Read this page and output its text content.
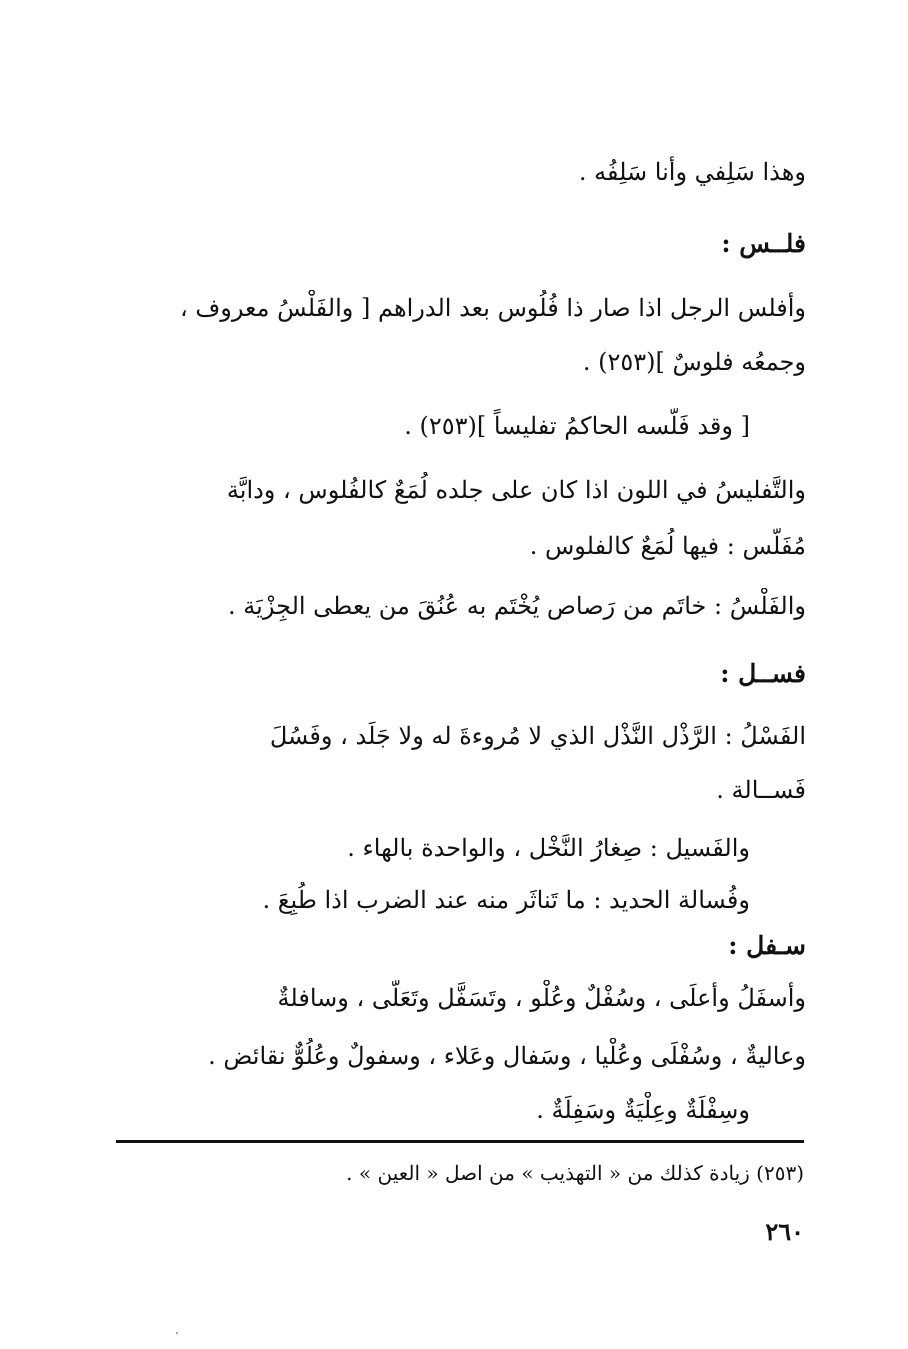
وهذا سَلِفي وأنا سَلِفُه .
فلــس :
وأفلس الرجل اذا صار ذا فُلُوس بعد الدراهم [ والفَلْسُ معروف ،
وجمعُه فلوسٌ ](٢٥٣) .
[ وقد فَلَّسه الحاكمُ تفليساً ](٢٥٣) .
والتَّفليسُ في اللون اذا كان على جلده لُمَعٌ كالفُلوس ، ودابَّة
مُفَلَّس : فيها لُمَعٌ كالفلوس .
والفَلْسُ : خاتَم من رَصاص يُخْتَم به عُنُقَ من يعطى الجِزْيَة .
فســل :
الفَسْلُ : الرَّذْل النَّذْل الذي لا مُروءةَ له ولا جَلَد ، وفَسُلَ
فَســالة .
والفَسيل : صِغارُ النَّخْل ، والواحدة بالهاء .
وفُسالة الحديد : ما تَناثَر منه عند الضرب اذا طُبِعَ .
سـفل :
وأسفَلُ وأعلَى ، وسُفْلٌ وعُلْو ، وتَسَفَّل وتَعَلَّى ، وسافلةٌ
وعاليةٌ ، وسُفْلَى وعُلْيا ، وسَفال وعَلاء ، وسفولٌ وعُلُوٌّ نقائض .
وسِفْلَةٌ وعِلْيَةٌ وسَفِلَةٌ .
(٢٥٣) زيادة كذلك من « التهذيب » من اصل « العين » .
٢٦٠
